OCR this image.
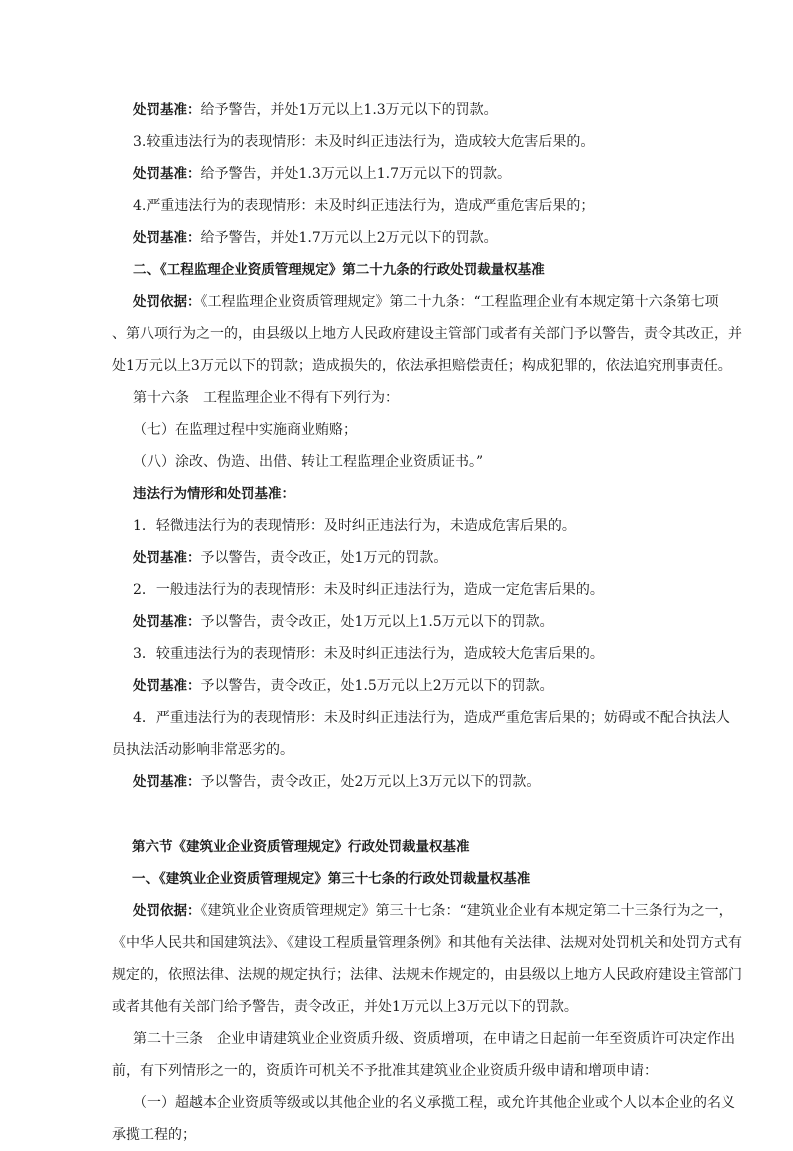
处罚基准：给予警告，并处1万元以上1.3万元以下的罚款。
3.较重违法行为的表现情形：未及时纠正违法行为，造成较大危害后果的。
处罚基准：给予警告，并处1.3万元以上1.7万元以下的罚款。
4.严重违法行为的表现情形：未及时纠正违法行为，造成严重危害后果的；
处罚基准：给予警告，并处1.7万元以上2万元以下的罚款。
二、《工程监理企业资质管理规定》第二十九条的行政处罚裁量权基准
处罚依据：《工程监理企业资质管理规定》第二十九条：“工程监理企业有本规定第十六条第七项
、第八项行为之一的，由县级以上地方人民政府建设主管部门或者有关部门予以警告，责令其改正，并
处1万元以上3万元以下的罚款；造成损失的，依法承担赔偿责任；构成犯罪的，依法追究刑事责任。
第十六条　工程监理企业不得有下列行为：
（七）在监理过程中实施商业贿赂；
（八）涂改、伪造、出借、转让工程监理企业资质证书。”
违法行为情形和处罚基准：
1．轻微违法行为的表现情形：及时纠正违法行为，未造成危害后果的。
处罚基准：予以警告，责令改正，处1万元的罚款。
2．一般违法行为的表现情形：未及时纠正违法行为，造成一定危害后果的。
处罚基准：予以警告，责令改正，处1万元以上1.5万元以下的罚款。
3．较重违法行为的表现情形：未及时纠正违法行为，造成较大危害后果的。
处罚基准：予以警告，责令改正，处1.5万元以上2万元以下的罚款。
4．严重违法行为的表现情形：未及时纠正违法行为，造成严重危害后果的；妨碍或不配合执法人
员执法活动影响非常恶劣的。
处罚基准：予以警告，责令改正，处2万元以上3万元以下的罚款。
第六节《建筑业企业资质管理规定》行政处罚裁量权基准
一、《建筑业企业资质管理规定》第三十七条的行政处罚裁量权基准
处罚依据：《建筑业企业资质管理规定》第三十七条：“建筑业企业有本规定第二十三条行为之一，
《中华人民共和国建筑法》、《建设工程质量管理条例》和其他有关法律、法规对处罚机关和处罚方式有
规定的，依照法律、法规的规定执行；法律、法规未作规定的，由县级以上地方人民政府建设主管部门
或者其他有关部门给予警告，责令改正，并处1万元以上3万元以下的罚款。
第二十三条　企业申请建筑业企业资质升级、资质增项，在申请之日起前一年至资质许可决定作出
前，有下列情形之一的，资质许可机关不予批准其建筑业企业资质升级申请和增项申请：
（一）超越本企业资质等级或以其他企业的名义承揽工程，或允许其他企业或个人以本企业的名义
承揽工程的；
